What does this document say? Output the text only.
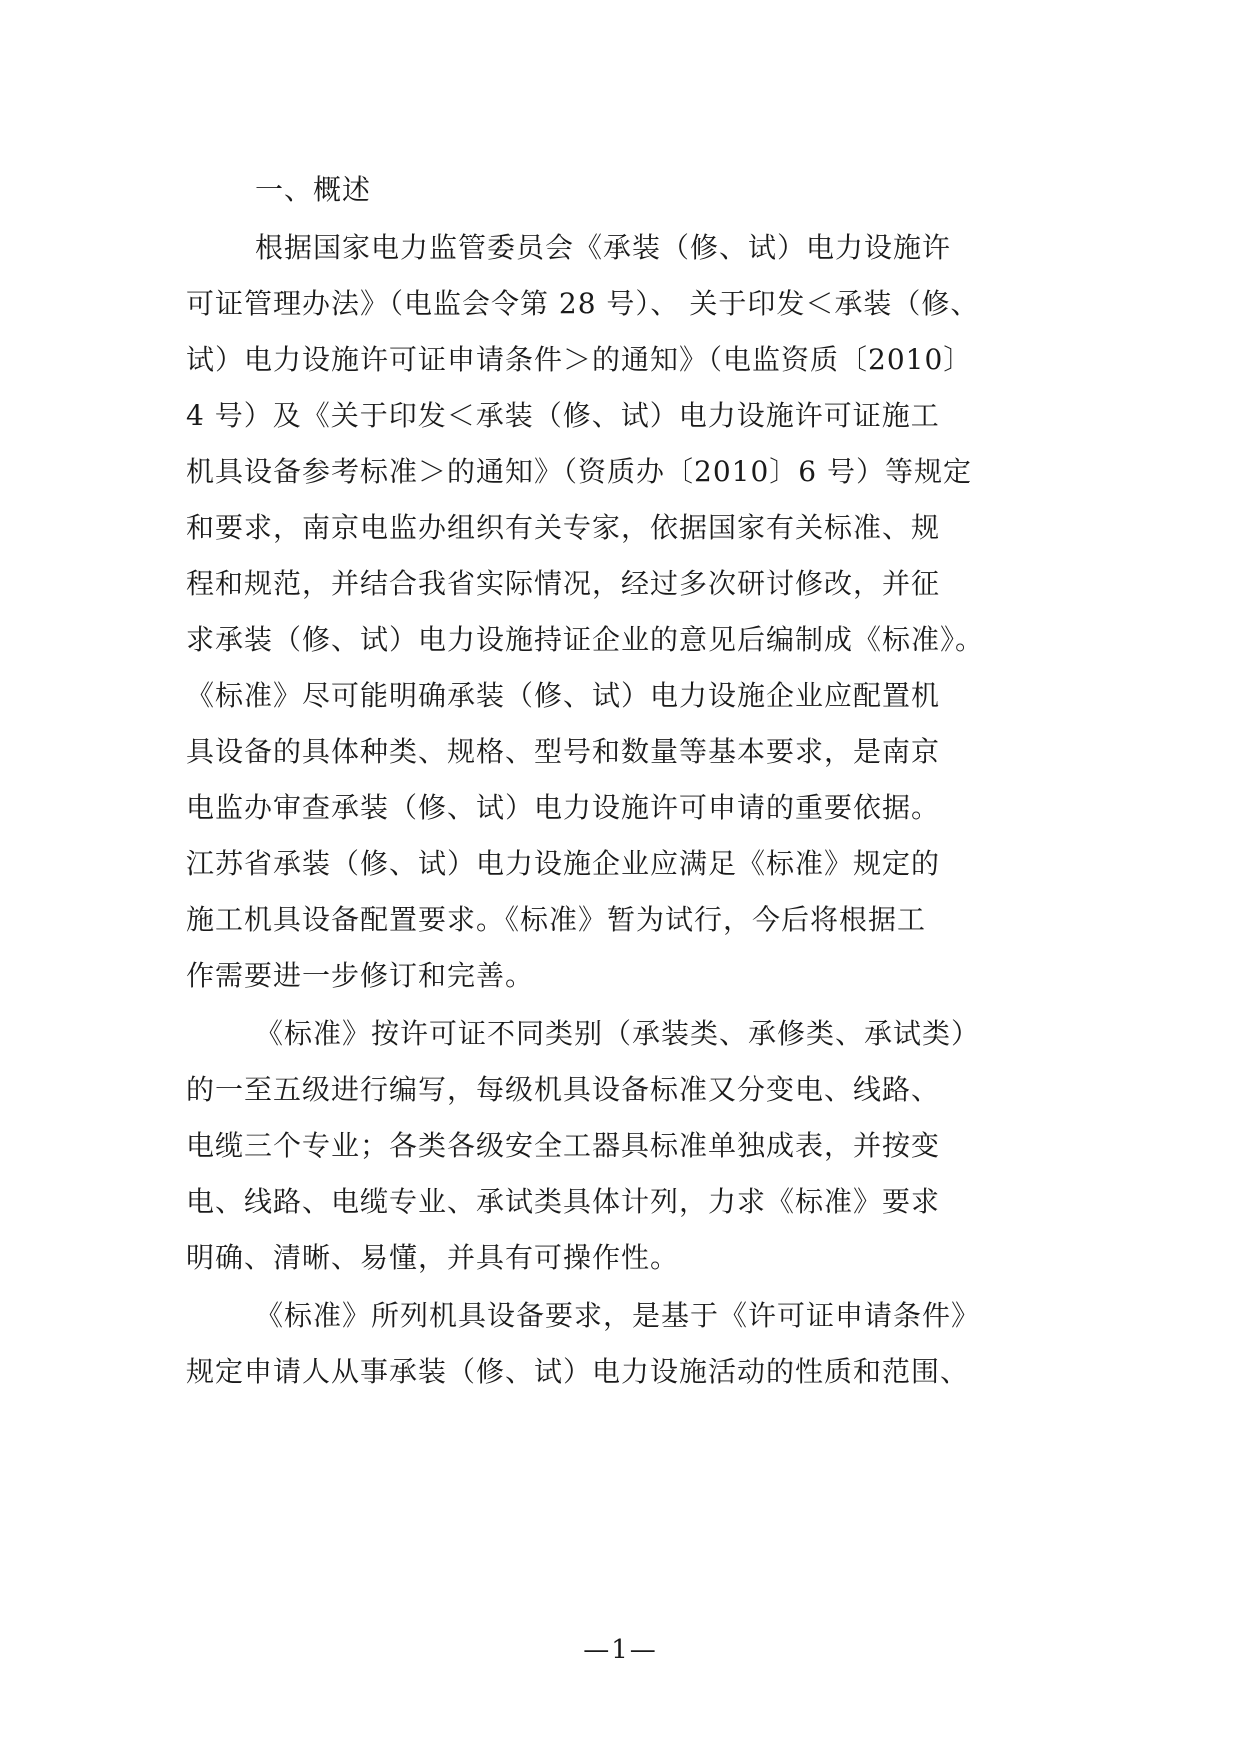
一、概述
根据国家电力监管委员会《承装（修、试）电力设施许
可证管理办法》（电监会令第 28 号）、 关于印发＜承装（修、
试）电力设施许可证申请条件＞的通知》（电监资质〔2010〕
4 号）及《关于印发＜承装（修、试）电力设施许可证施工
机具设备参考标准＞的通知》（资质办〔2010〕6 号）等规定
和要求，南京电监办组织有关专家，依据国家有关标准、规
程和规范，并结合我省实际情况，经过多次研讨修改，并征
求承装（修、试）电力设施持证企业的意见后编制成《标准》。
《标准》尽可能明确承装（修、试）电力设施企业应配置机
具设备的具体种类、规格、型号和数量等基本要求，是南京
电监办审查承装（修、试）电力设施许可申请的重要依据。
江苏省承装（修、试）电力设施企业应满足《标准》规定的
施工机具设备配置要求。《标准》暂为试行，今后将根据工
作需要进一步修订和完善。
《标准》按许可证不同类别（承装类、承修类、承试类）
的一至五级进行编写，每级机具设备标准又分变电、线路、
电缆三个专业；各类各级安全工器具标准单独成表，并按变
电、线路、电缆专业、承试类具体计列，力求《标准》要求
明确、清晰、易懂，并具有可操作性。
《标准》所列机具设备要求，是基于《许可证申请条件》
规定申请人从事承装（修、试）电力设施活动的性质和范围、
—1—
